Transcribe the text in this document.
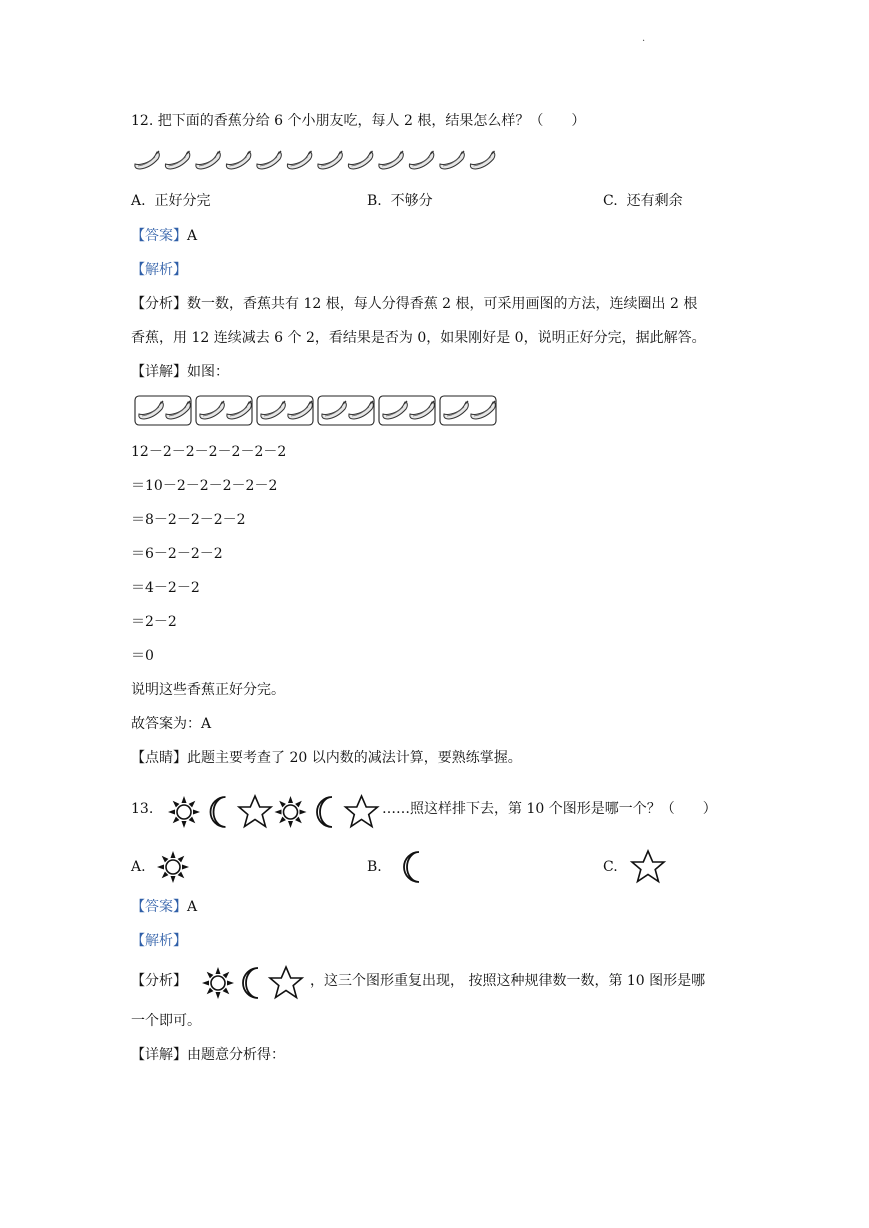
·
12. 把下面的香蕉分给 6 个小朋友吃，每人 2 根，结果怎么样？（　　）
A. 正好分完	B. 不够分	C. 还有剩余
【答案】A
【解析】
【分析】数一数，香蕉共有 12 根，每人分得香蕉 2 根，可采用画图的方法，连续圈出 2 根
香蕉，用 12 连续减去 6 个 2，看结果是否为 0，如果刚好是 0，说明正好分完，据此解答。
【详解】如图：
12－2－2－2－2－2－2
＝10－2－2－2－2－2
＝8－2－2－2－2
＝6－2－2－2
＝4－2－2
＝2－2
＝0
说明这些香蕉正好分完。
故答案为：A
【点睛】此题主要考查了 20 以内数的减法计算，要熟练掌握。
13.	……照这样排下去，第 10 个图形是哪一个？（　　）
A.	B.	C.
【答案】A
【解析】
【分析】	，这三个图形重复出现， 按照这种规律数一数，第 10 图形是哪
一个即可。
【详解】由题意分析得：
